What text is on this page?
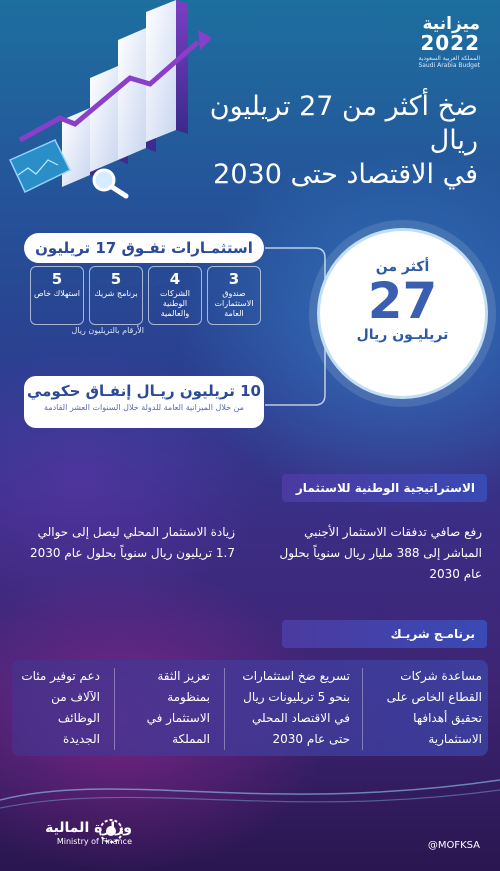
ميزانية
2022
المملكة العربية السعودية
Saudi Arabia Budget
ضخ أكثر من 27 تريليون ريال
في الاقتصاد حتى 2030
أكثر من
27
تريليـون ريال
استثمـارات تفـوق 17 تريليون ريال	3
صندوق الاستثمارات العامة
4
الشركات الوطنية والعالمية
5
برنامج شريك
5
استهلاك خاص
الأرقام بالتريليون ريال
10 تريليون ريـال إنفـاق حكومي
من خلال الميزانية العامة للدولة خلال السنوات العشر القادمة
الاستراتيجية الوطنية للاستثمار
رفع صافي تدفقات الاستثمار الأجنبي المباشر إلى 388 مليار ريال سنوياً بحلول عام 2030
زيادة الاستثمار المحلي ليصل إلى حوالي 1.7 تريليون ريال سنوياً بحلول عام 2030
برنامـج شريـك
مساعدة شركات القطاع الخاص على تحقيق أهدافها الاستثمارية
تسريع ضخ استثمارات بنحو 5 تريليونات ريال في الاقتصاد المحلي حتى عام 2030
تعزيز الثقة بمنظومة الاستثمار في المملكة
دعم توفير مئات الآلاف من الوظائف الجديدة
وزارة المالية
Ministry of Finance	@MOFKSA
